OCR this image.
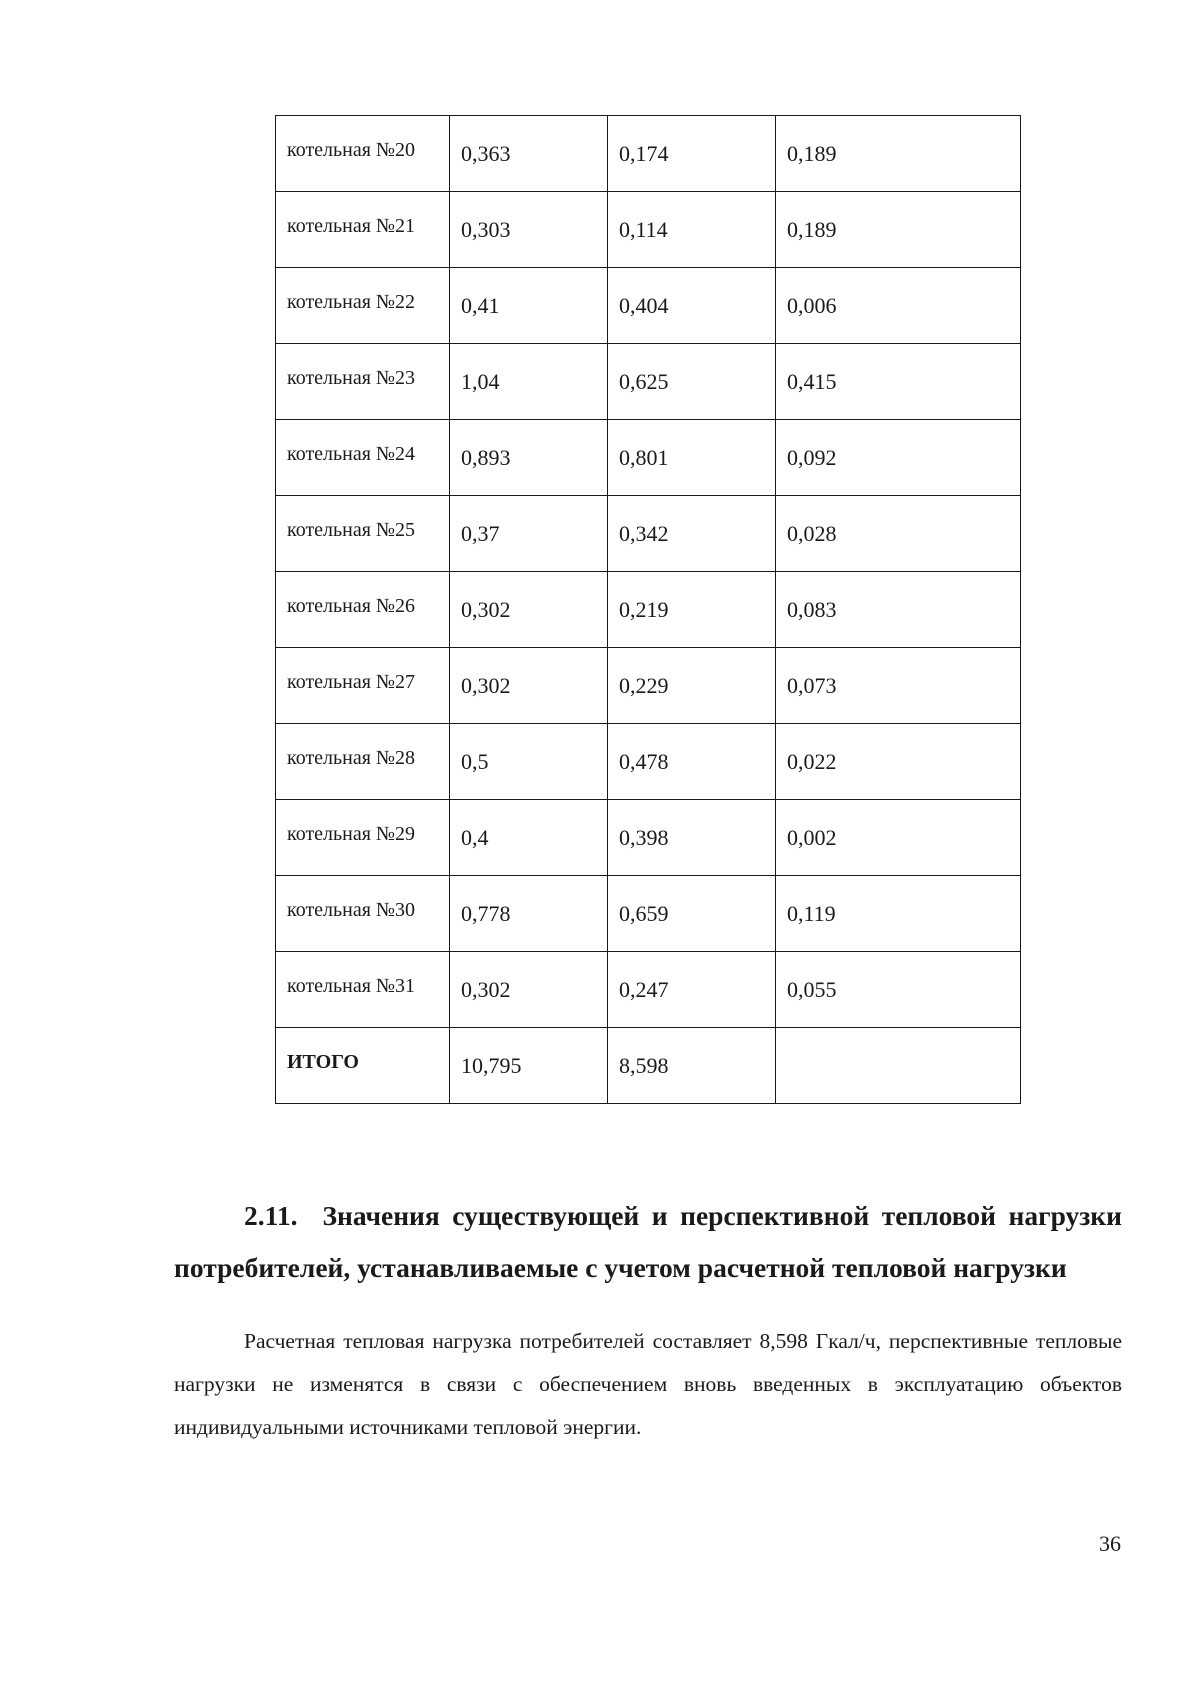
котельная №20	0,363	0,174	0,189
котельная №21	0,303	0,114	0,189
котельная №22	0,41	0,404	0,006
котельная №23	1,04	0,625	0,415
котельная №24	0,893	0,801	0,092
котельная №25	0,37	0,342	0,028
котельная №26	0,302	0,219	0,083
котельная №27	0,302	0,229	0,073
котельная №28	0,5	0,478	0,022
котельная №29	0,4	0,398	0,002
котельная №30	0,778	0,659	0,119
котельная №31	0,302	0,247	0,055
ИТОГО	10,795	8,598	
2.11. Значения существующей и перспективной тепловой нагрузки потребителей, устанавливаемые с учетом расчетной тепловой нагрузки

Расчетная тепловая нагрузка потребителей составляет 8,598 Гкал/ч, перспективные тепловые нагрузки не изменятся в связи с обеспечением вновь введенных в эксплуатацию объектов индивидуальными источниками тепловой энергии.

36
